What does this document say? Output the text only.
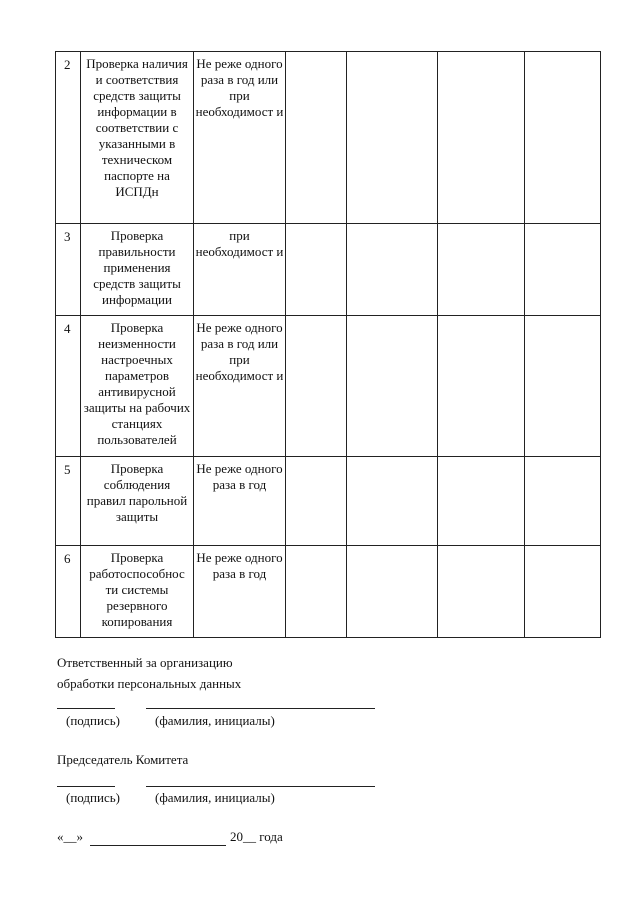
2	Проверка наличия и соответствия средств защиты информации в соответствии с указанными в техническом паспорте на ИСПДн	Не реже одного раза в год или при необходимост и				
3	Проверка правильности применения средств защиты информации	при необходимост и				
4	Проверка неизменности настроечных параметров антивирусной защиты на рабочих станциях пользователей	Не реже одного раза в год или при необходимост и				
5	Проверка соблюдения правил парольной защиты	Не реже одного раза в год				
6	Проверка работоспособнос ти системы резервного копирования	Не реже одного раза в год				
Ответственный за организацию
обработки персональных данных
(подпись)	(фамилия, инициалы)
Председатель Комитета
(подпись)	(фамилия, инициалы)
«__»	20__ года
